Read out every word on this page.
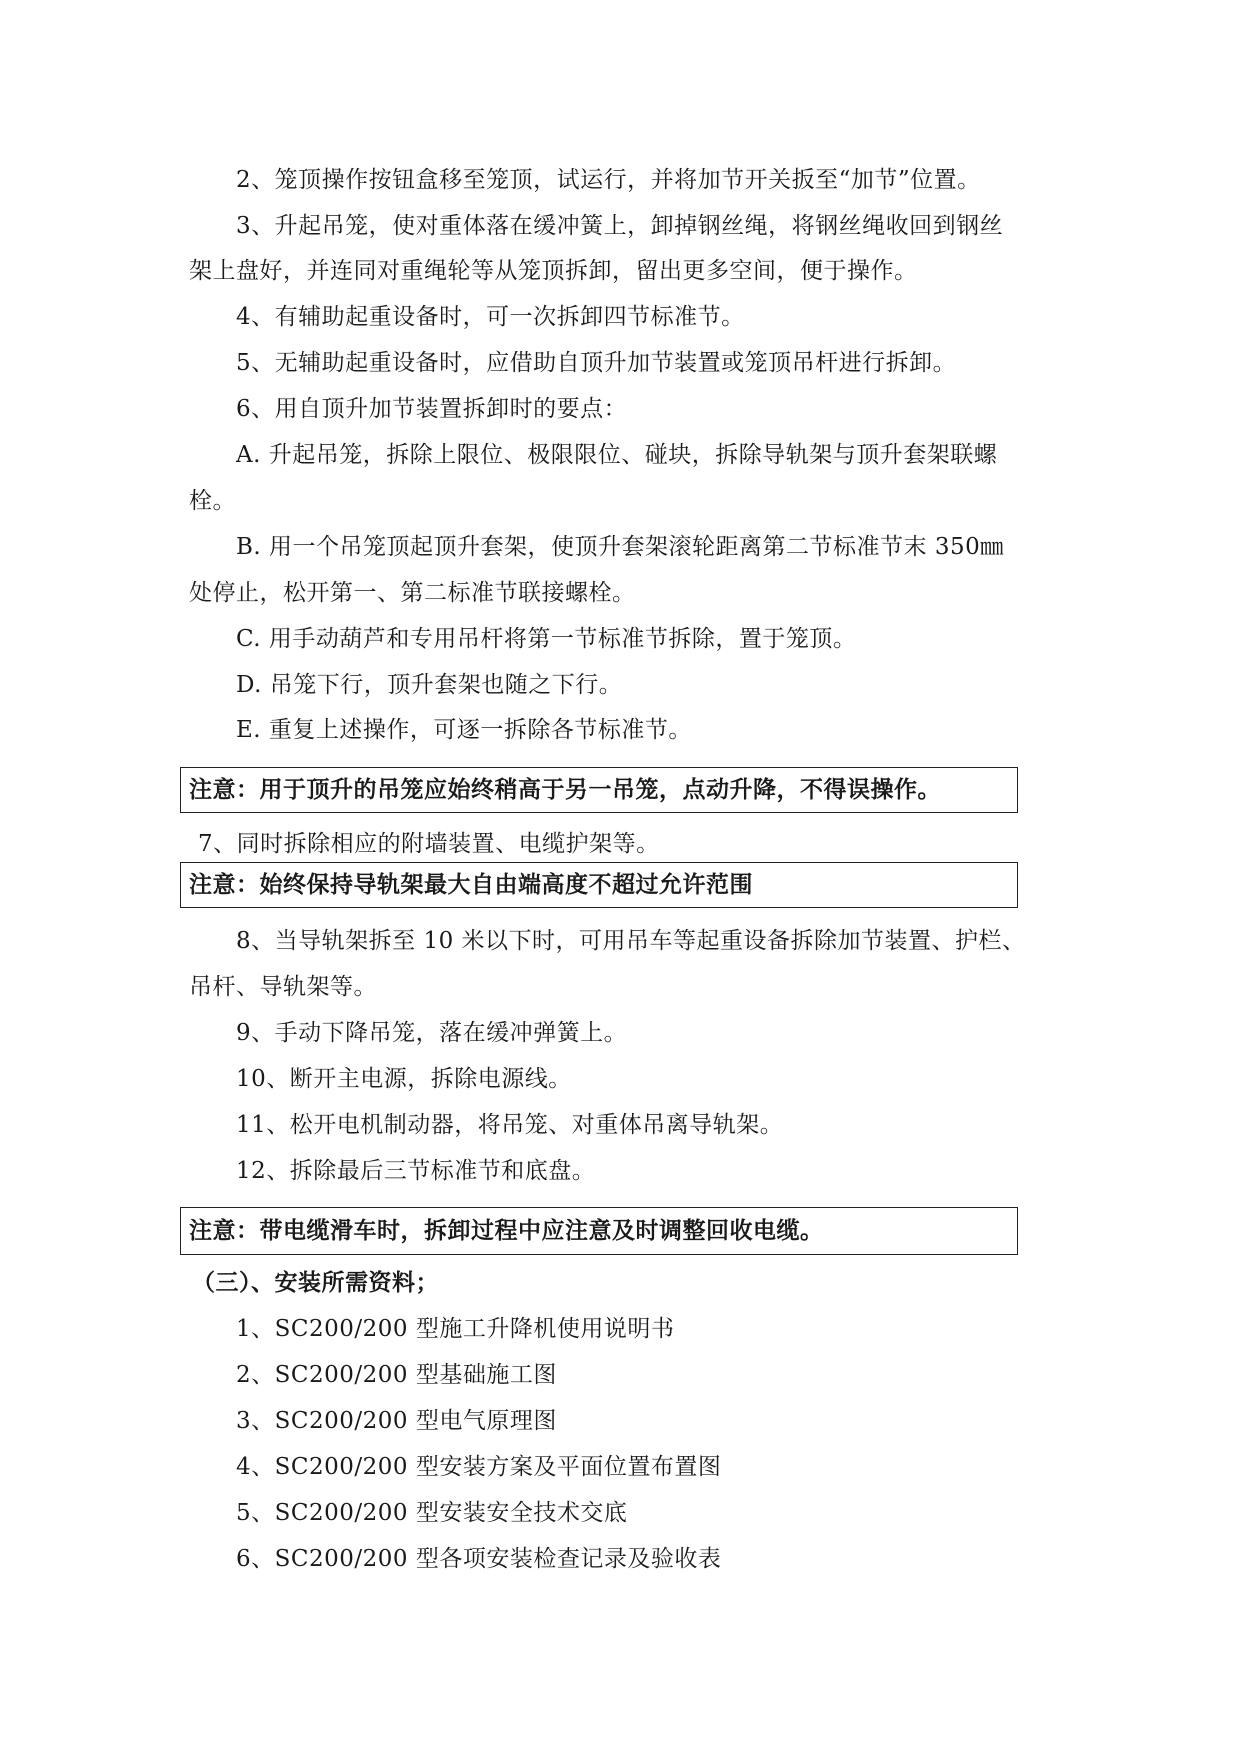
2、笼顶操作按钮盒移至笼顶，试运行，并将加节开关扳至“加节”位置。
3、升起吊笼，使对重体落在缓冲簧上，卸掉钢丝绳，将钢丝绳收回到钢丝
架上盘好，并连同对重绳轮等从笼顶拆卸，留出更多空间，便于操作。
4、有辅助起重设备时，可一次拆卸四节标准节。
5、无辅助起重设备时，应借助自顶升加节装置或笼顶吊杆进行拆卸。
6、用自顶升加节装置拆卸时的要点：
A. 升起吊笼，拆除上限位、极限限位、碰块，拆除导轨架与顶升套架联螺
栓。
B. 用一个吊笼顶起顶升套架，使顶升套架滚轮距离第二节标准节末 350㎜
处停止，松开第一、第二标准节联接螺栓。
C. 用手动葫芦和专用吊杆将第一节标准节拆除，置于笼顶。
D. 吊笼下行，顶升套架也随之下行。
E. 重复上述操作，可逐一拆除各节标准节。
注意：用于顶升的吊笼应始终稍高于另一吊笼，点动升降，不得误操作。
7、同时拆除相应的附墙装置、电缆护架等。
注意：始终保持导轨架最大自由端高度不超过允许范围
8、当导轨架拆至 10 米以下时，可用吊车等起重设备拆除加节装置、护栏、
吊杆、导轨架等。
9、手动下降吊笼，落在缓冲弹簧上。
10、断开主电源，拆除电源线。
11、松开电机制动器，将吊笼、对重体吊离导轨架。
12、拆除最后三节标准节和底盘。
注意：带电缆滑车时，拆卸过程中应注意及时调整回收电缆。
（三）、安装所需资料；
1、SC200/200 型施工升降机使用说明书
2、SC200/200 型基础施工图
3、SC200/200 型电气原理图
4、SC200/200 型安装方案及平面位置布置图
5、SC200/200 型安装安全技术交底
6、SC200/200 型各项安装检查记录及验收表
